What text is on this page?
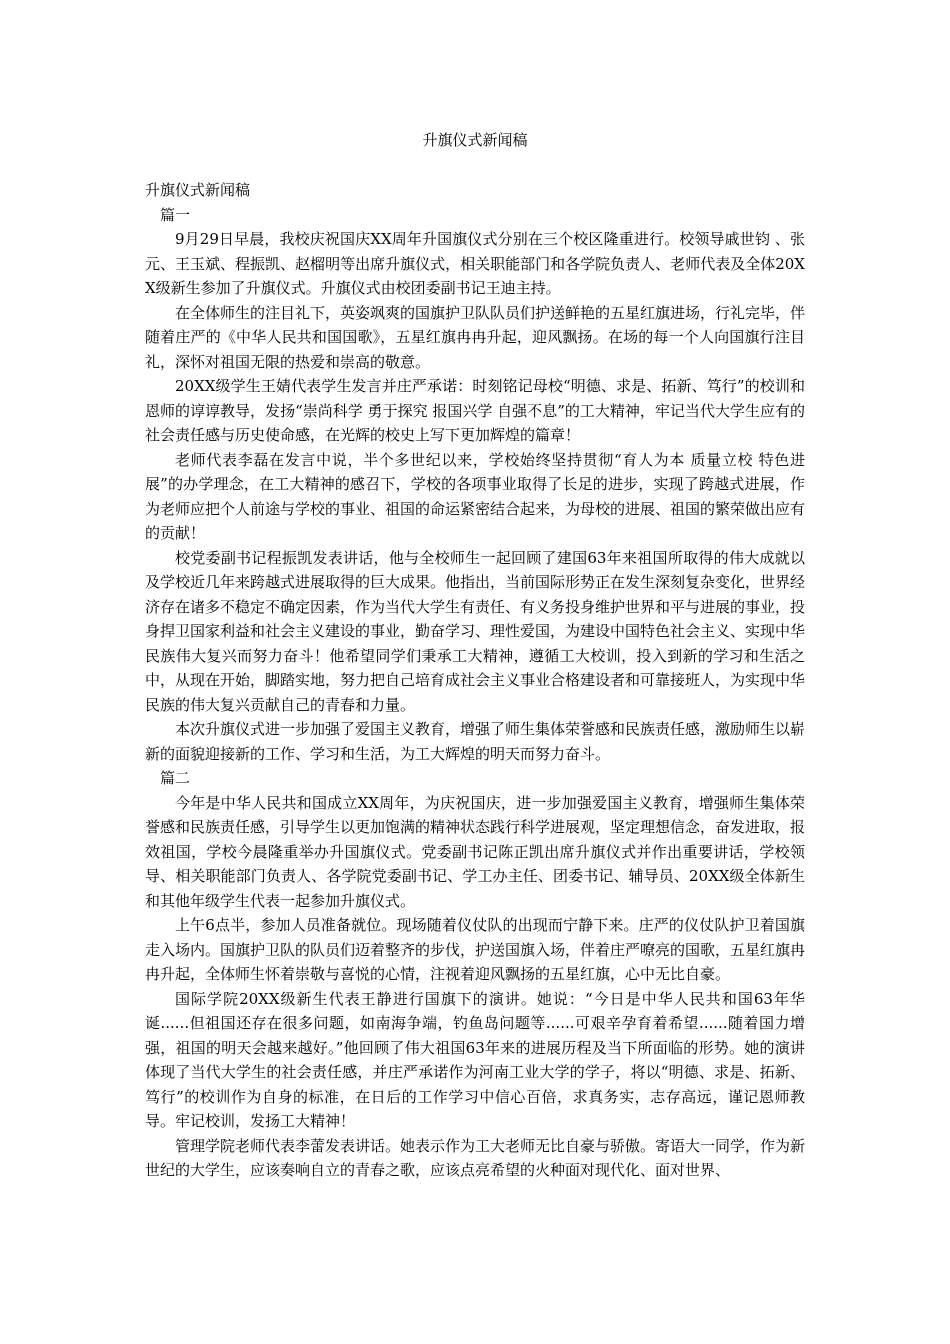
升旗仪式新闻稿

升旗仪式新闻稿

篇一

9月29日早晨，我校庆祝国庆XX周年升国旗仪式分别在三个校区隆重进行。校领导戚世钧 、张元、王玉斌、程振凯、赵榴明等出席升旗仪式，相关职能部门和各学院负责人、老师代表及全体20XX级新生参加了升旗仪式。升旗仪式由校团委副书记王迪主持。

在全体师生的注目礼下，英姿飒爽的国旗护卫队队员们护送鲜艳的五星红旗进场，行礼完毕，伴随着庄严的《中华人民共和国国歌》，五星红旗冉冉升起，迎风飘扬。在场的每一个人向国旗行注目礼，深怀对祖国无限的热爱和崇高的敬意。

20XX级学生王婧代表学生发言并庄严承诺：时刻铭记母校“明德、求是、拓新、笃行”的校训和恩师的谆谆教导，发扬“崇尚科学 勇于探究 报国兴学 自强不息”的工大精神，牢记当代大学生应有的社会责任感与历史使命感，在光辉的校史上写下更加辉煌的篇章！

老师代表李磊在发言中说，半个多世纪以来，学校始终坚持贯彻“育人为本 质量立校 特色进展”的办学理念，在工大精神的感召下，学校的各项事业取得了长足的进步，实现了跨越式进展，作为老师应把个人前途与学校的事业、祖国的命运紧密结合起来，为母校的进展、祖国的繁荣做出应有的贡献！

校党委副书记程振凯发表讲话，他与全校师生一起回顾了建国63年来祖国所取得的伟大成就以及学校近几年来跨越式进展取得的巨大成果。他指出，当前国际形势正在发生深刻复杂变化，世界经济存在诸多不稳定不确定因素，作为当代大学生有责任、有义务投身维护世界和平与进展的事业，投身捍卫国家利益和社会主义建设的事业，勤奋学习、理性爱国，为建设中国特色社会主义、实现中华民族伟大复兴而努力奋斗！他希望同学们秉承工大精神，遵循工大校训，投入到新的学习和生活之中，从现在开始，脚踏实地，努力把自己培育成社会主义事业合格建设者和可靠接班人，为实现中华民族的伟大复兴贡献自己的青春和力量。

本次升旗仪式进一步加强了爱国主义教育，增强了师生集体荣誉感和民族责任感，激励师生以崭新的面貌迎接新的工作、学习和生活，为工大辉煌的明天而努力奋斗。

篇二

今年是中华人民共和国成立XX周年，为庆祝国庆，进一步加强爱国主义教育，增强师生集体荣誉感和民族责任感，引导学生以更加饱满的精神状态践行科学进展观，坚定理想信念，奋发进取，报效祖国，学校今晨隆重举办升国旗仪式。党委副书记陈正凯出席升旗仪式并作出重要讲话，学校领导、相关职能部门负责人、各学院党委副书记、学工办主任、团委书记、辅导员、20XX级全体新生和其他年级学生代表一起参加升旗仪式。

上午6点半，参加人员准备就位。现场随着仪仗队的出现而宁静下来。庄严的仪仗队护卫着国旗走入场内。国旗护卫队的队员们迈着整齐的步伐，护送国旗入场，伴着庄严嘹亮的国歌，五星红旗冉冉升起，全体师生怀着崇敬与喜悦的心情，注视着迎风飘扬的五星红旗，心中无比自豪。

国际学院20XX级新生代表王静进行国旗下的演讲。她说：“今日是中华人民共和国63年华诞......但祖国还存在很多问题，如南海争端，钓鱼岛问题等......可艰辛孕育着希望......随着国力增强，祖国的明天会越来越好。”他回顾了伟大祖国63年来的进展历程及当下所面临的形势。她的演讲体现了当代大学生的社会责任感，并庄严承诺作为河南工业大学的学子，将以“明德、求是、拓新、笃行”的校训作为自身的标准，在日后的工作学习中信心百倍，求真务实，志存高远，谨记恩师教导。牢记校训，发扬工大精神！

管理学院老师代表李蕾发表讲话。她表示作为工大老师无比自豪与骄傲。寄语大一同学，作为新世纪的大学生，应该奏响自立的青春之歌，应该点亮希望的火种面对现代化、面对世界、
